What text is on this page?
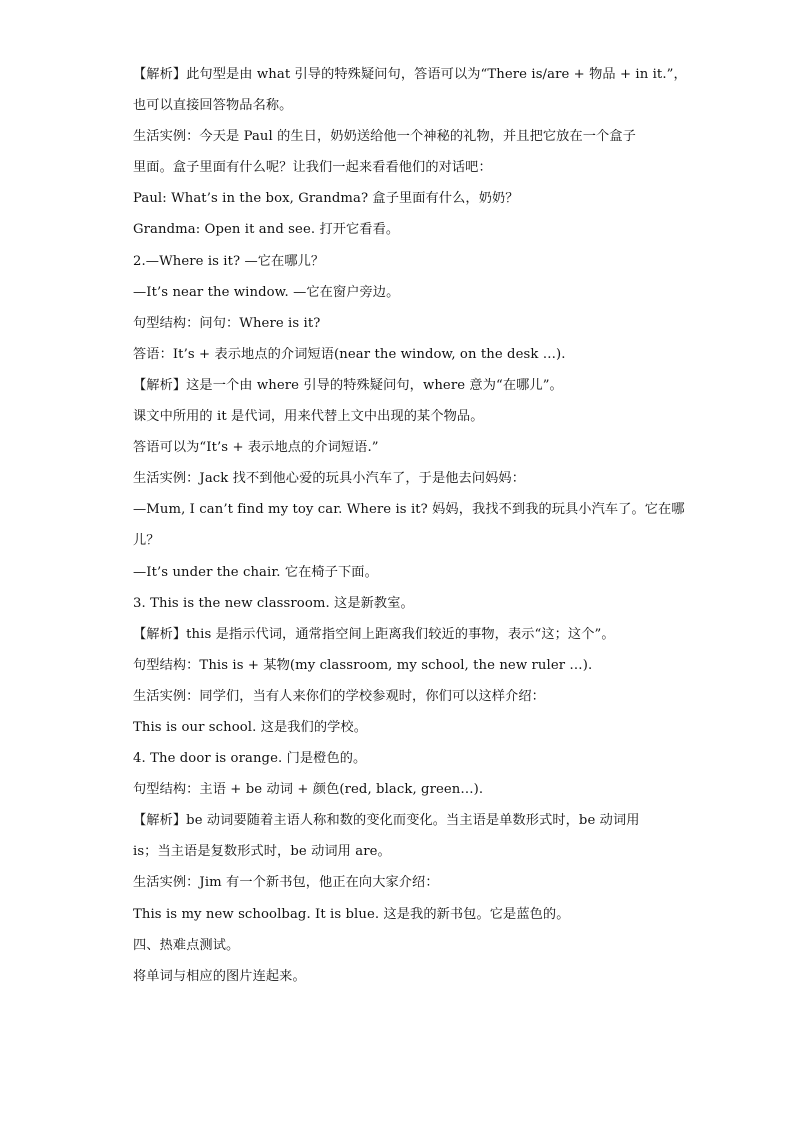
【解析】此句型是由 what 引导的特殊疑问句，答语可以为“There is/are + 物品 + in it.”，
也可以直接回答物品名称。
生活实例：今天是 Paul 的生日，奶奶送给他一个神秘的礼物，并且把它放在一个盒子
里面。盒子里面有什么呢？让我们一起来看看他们的对话吧：
Paul: What’s in the box, Grandma? 盒子里面有什么，奶奶？
Grandma: Open it and see. 打开它看看。
2.—Where is it? —它在哪儿？
—It’s near the window. —它在窗户旁边。
句型结构：问句：Where is it?
答语：It’s + 表示地点的介词短语(near the window, on the desk …).
【解析】这是一个由 where 引导的特殊疑问句，where 意为“在哪儿”。
课文中所用的 it 是代词，用来代替上文中出现的某个物品。
答语可以为“It’s + 表示地点的介词短语.”
生活实例：Jack 找不到他心爱的玩具小汽车了，于是他去问妈妈：
—Mum, I can’t find my toy car. Where is it? 妈妈，我找不到我的玩具小汽车了。它在哪
儿？
—It’s under the chair. 它在椅子下面。
3. This is the new classroom. 这是新教室。
【解析】this 是指示代词，通常指空间上距离我们较近的事物，表示“这；这个”。
句型结构：This is + 某物(my classroom, my school, the new ruler …).
生活实例：同学们，当有人来你们的学校参观时，你们可以这样介绍：
This is our school. 这是我们的学校。
4. The door is orange. 门是橙色的。
句型结构：主语 + be 动词 + 颜色(red, black, green…).
【解析】be 动词要随着主语人称和数的变化而变化。当主语是单数形式时，be 动词用
is；当主语是复数形式时，be 动词用 are。
生活实例：Jim 有一个新书包，他正在向大家介绍：
This is my new schoolbag. It is blue. 这是我的新书包。它是蓝色的。
四、热难点测试。
将单词与相应的图片连起来。
